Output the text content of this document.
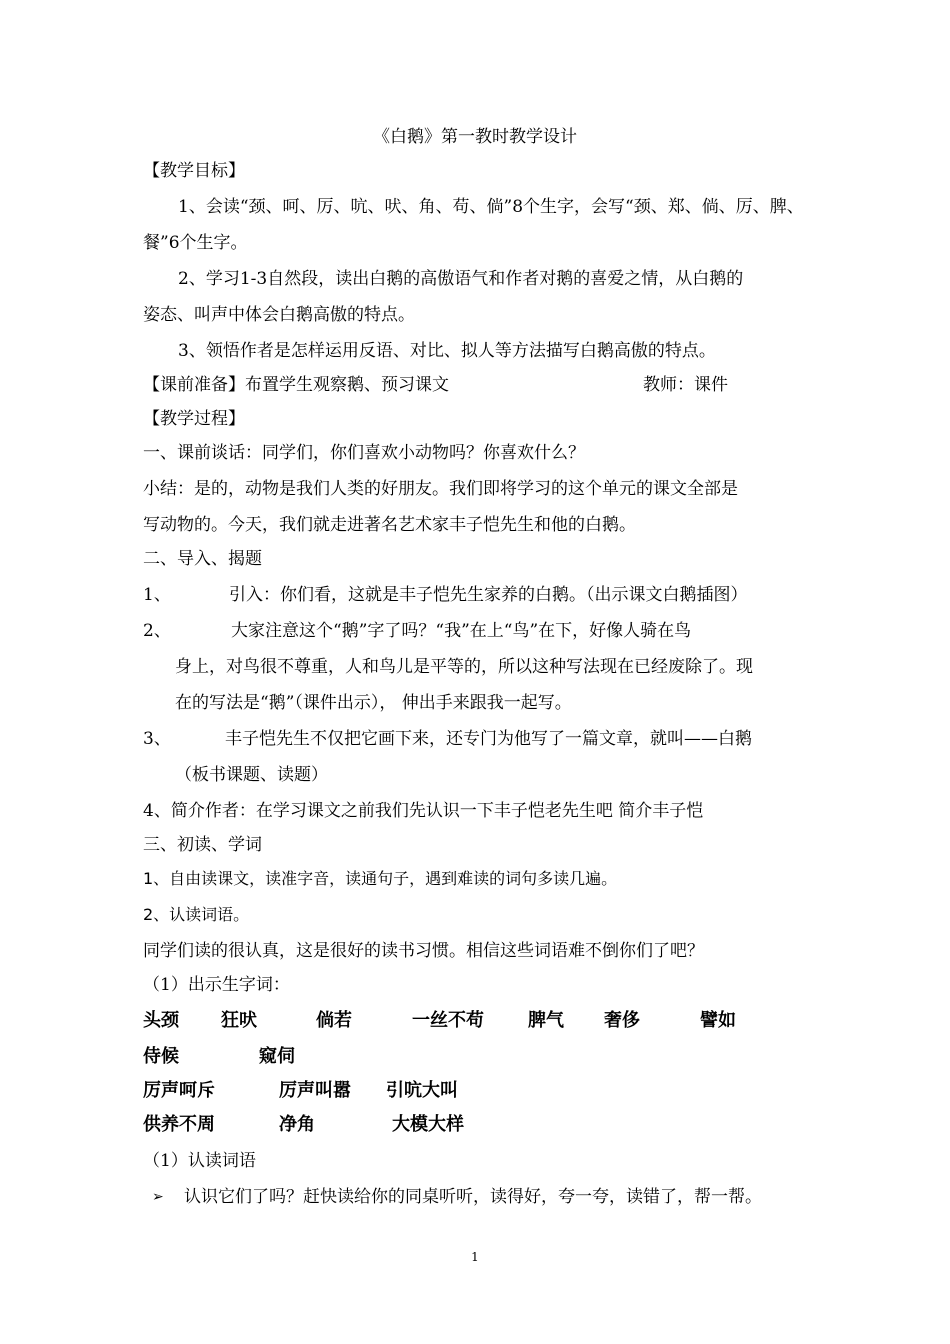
《白鹅》第一教时教学设计
【教学目标】
1、会读“颈、呵、厉、吭、吠、角、苟、倘”8个生字，会写“颈、郑、倘、厉、脾、
餐”6个生字。
2、学习1-3自然段，读出白鹅的高傲语气和作者对鹅的喜爱之情，从白鹅的
姿态、叫声中体会白鹅高傲的特点。
3、领悟作者是怎样运用反语、对比、拟人等方法描写白鹅高傲的特点。
【课前准备】布置学生观察鹅、预习课文	教师：课件
【教学过程】
一、课前谈话：同学们，你们喜欢小动物吗？你喜欢什么？
小结：是的，动物是我们人类的好朋友。我们即将学习的这个单元的课文全部是
写动物的。今天，我们就走进著名艺术家丰子恺先生和他的白鹅。
二、导入、揭题
1、	引入：你们看，这就是丰子恺先生家养的白鹅。（出示课文白鹅插图）
2、	大家注意这个“鹅”字了吗？“我”在上“鸟”在下，好像人骑在鸟
身上，对鸟很不尊重，人和鸟儿是平等的，所以这种写法现在已经废除了。现
在的写法是“鹅”（课件出示）， 伸出手来跟我一起写。
3、	丰子恺先生不仅把它画下来，还专门为他写了一篇文章，就叫——白鹅
（板书课题、读题）
4、简介作者：在学习课文之前我们先认识一下丰子恺老先生吧 简介丰子恺
三、初读、学词
1、自由读课文，读准字音，读通句子，遇到难读的词句多读几遍。
2、认读词语。
同学们读的很认真，这是很好的读书习惯。相信这些词语难不倒你们了吧？
（1）出示生字词：
头颈 狂吠	倘若	一丝不苟 脾气 奢侈	譬如
侍候	窥伺
厉声呵斥	厉声叫嚣 引吭大叫
供养不周	净角	大模大样
（1）认读词语
➢ 认识它们了吗？赶快读给你的同桌听听，读得好，夸一夸，读错了，帮一帮。
1
